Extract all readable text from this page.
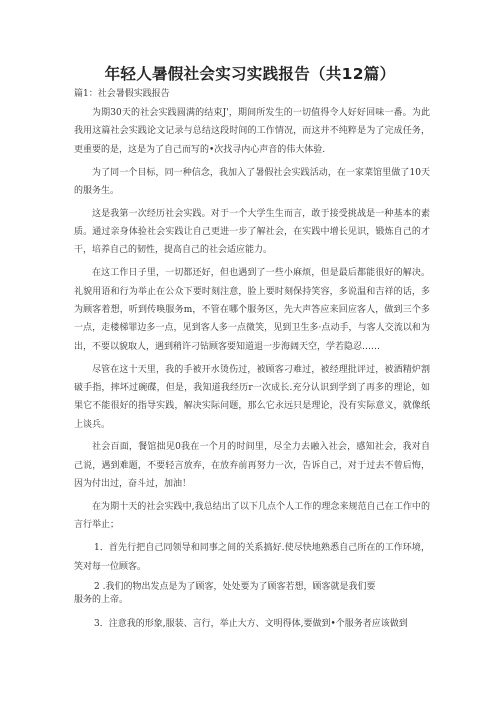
年轻人暑假社会实习实践报告（共12篇）
篇1：社会暑假实践报告

为期30天的社会实践圆满的结束J'，期间所发生的一切值得令人好好回味一番。为此我用这篇社会实践论文记录与总结这段时间的工作情况，而这并不纯粹是为了完成任务，更重要的是，这是为了自己而写的•次找寻内心声音的伟大体验.

为了同一个目标，同一种信念，我加入了暑假社会实践活动，在一家菜馆里做了10天的服务生。

这是我第一次经历社会实践。对于一个大学生生而言，敢于接受挑战是一种基本的素质。通过亲身体验社会实践让自己更进一步了解社会，在实践中增长见识，锻炼自己的才干，培养自己的韧性，提高自己的社会适应能力。

在这工作日子里，一切都还好，但也遇到了一些小麻烦，但是最后都能很好的解决。礼貌用语和行为举止在公众下要时刻注意，脸上要时刻保持笑容，多说温和吉祥的话，多为顾客着想，听到传唤服务m，不管在哪个服务区，先大声答应来回应客人，做到三个多一点，走楼梯罪边多一点，见到客人多一点微笑，见到卫生多·点动手，与客人交流以和为出，不要以貌取人，遇到稍许刁钻顾客要知道退一步海阔天空，学若隐忍……

尽管在这十天里，我的手被开水烫伤过，被顾客刁难过，被经理批评过，被酒精炉割破手指，摔坏过碗碟，但是，我知道我经历r一次成长.充分认识到学到了再多的理论，如果它不能很好的指导实践，解决实际问题，那么它永远只是理论，没有实际意义，就像纸上谈兵。

社会百面，餐馆拙见0我在一个月的时间里，尽全力去融入社会，感知社会，我对自己说，遇到难题，不要轻言放弃，在放弃前再努力一次，告诉自己，对于过去不曾后悔，因为付出过，奋斗过，加油！

在为期十天的社会实践中,我总结出了以下几点个人工作的理念来规范自己在工作中的言行举止；

1．首先行把自己同领导和同事之间的关系搞好.使尽快地熟悉自己所在的工作环境，笑对每一位顾客。

2 .我们的物出发点是为了顾客，处处要为了顾客若想，顾客就是我们要
服务的上帝。

3．注意我的形象,服装、言行，举止大方、文明得体,要做到•个服务者应该做到
